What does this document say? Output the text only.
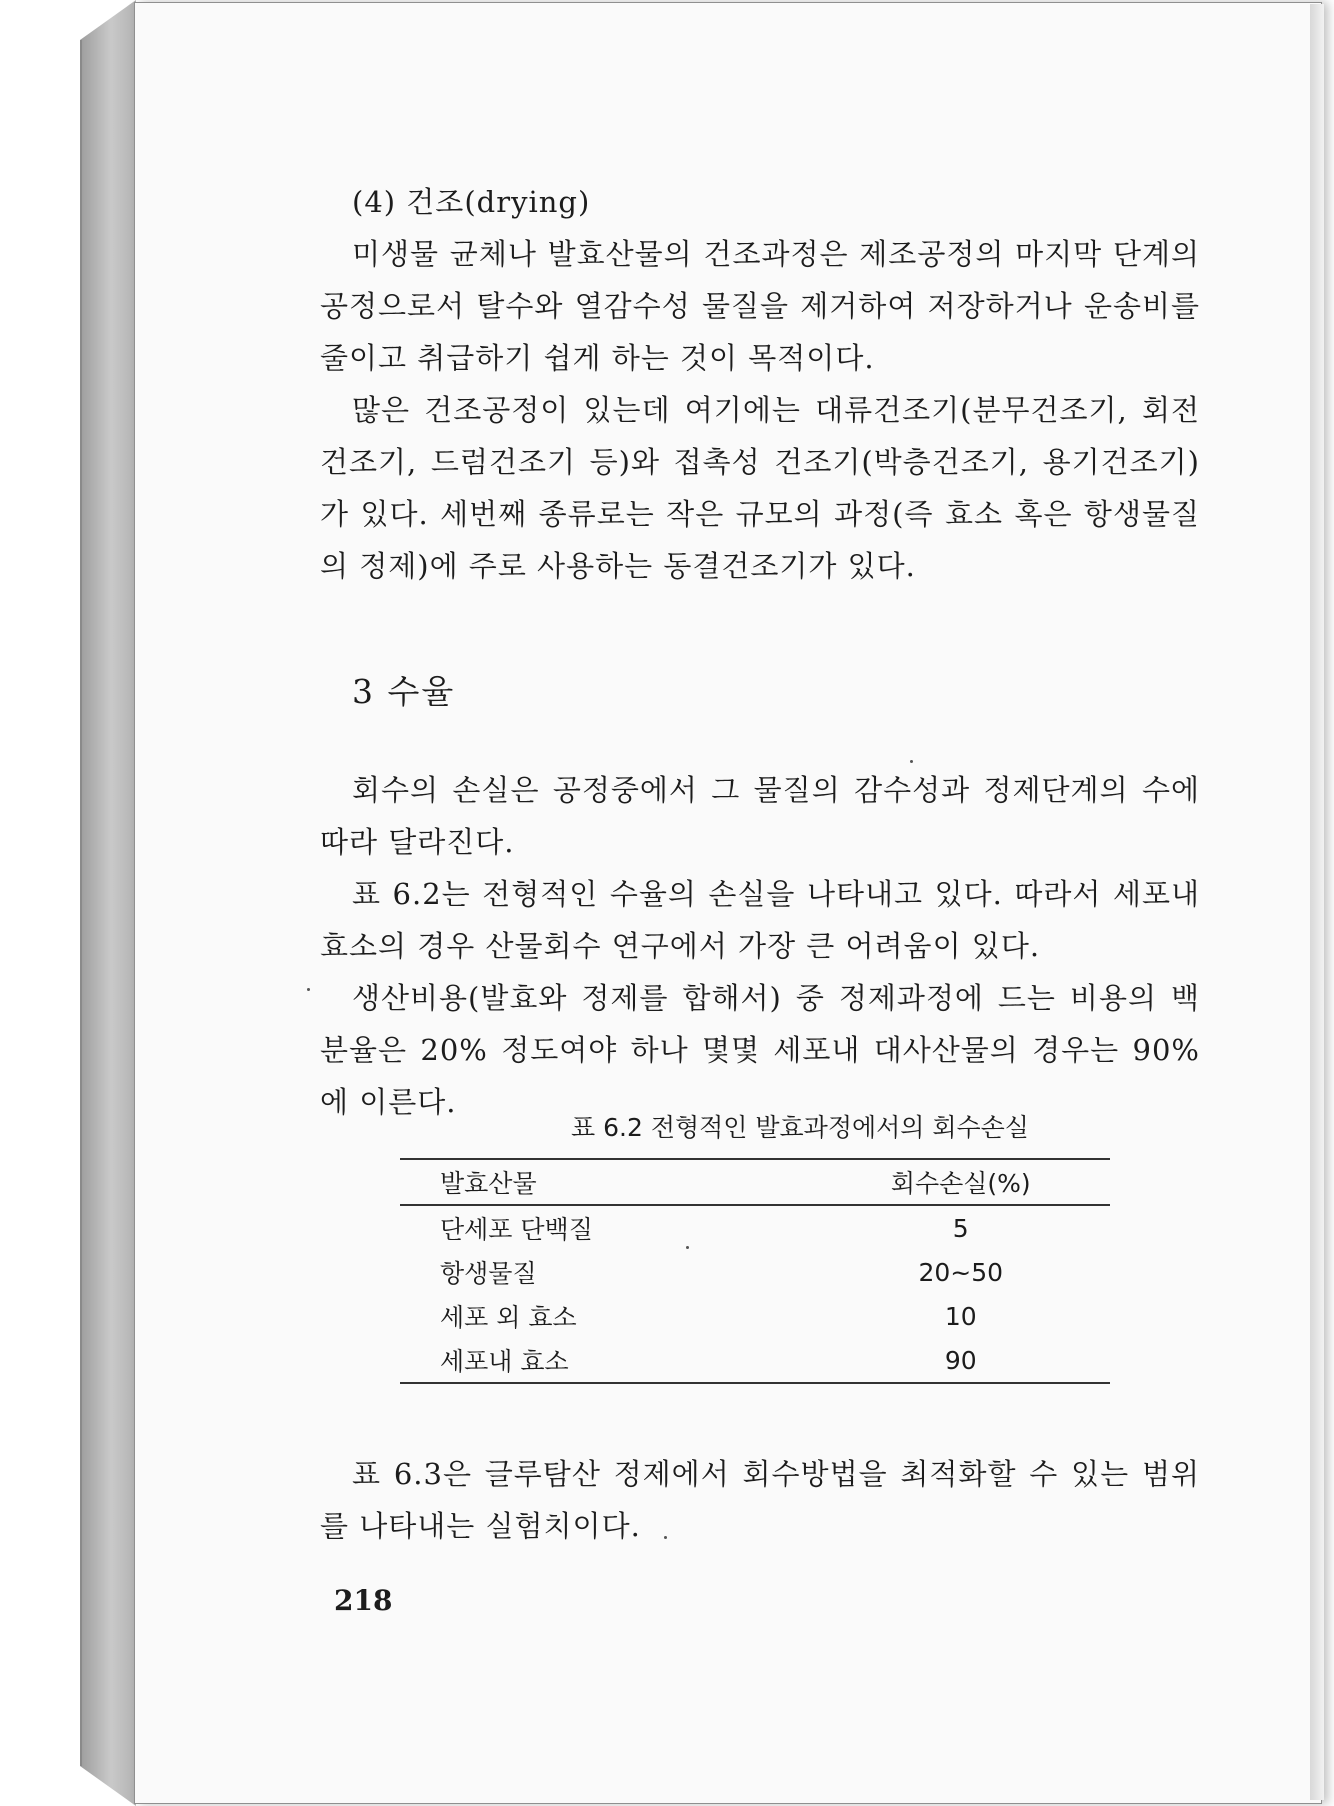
(4) 건조(drying)

미생물 균체나 발효산물의 건조과정은 제조공정의 마지막 단계의 공정으로서 탈수와 열감수성 물질을 제거하여 저장하거나 운송비를 줄이고 취급하기 쉽게 하는 것이 목적이다.

많은 건조공정이 있는데 여기에는 대류건조기(분무건조기, 회전건조기, 드럼건조기 등)와 접촉성 건조기(박층건조기, 용기건조기)가 있다. 세번째 종류로는 작은 규모의 과정(즉 효소 혹은 항생물질의 정제)에 주로 사용하는 동결건조기가 있다.

3 수율

회수의 손실은 공정중에서 그 물질의 감수성과 정제단계의 수에 따라 달라진다.

표 6.2는 전형적인 수율의 손실을 나타내고 있다. 따라서 세포내 효소의 경우 산물회수 연구에서 가장 큰 어려움이 있다.

생산비용(발효와 정제를 합해서) 중 정제과정에 드는 비용의 백분율은 20% 정도여야 하나 몇몇 세포내 대사산물의 경우는 90%에 이른다.

표 6.2 전형적인 발효과정에서의 회수손실

발효산물	회수손실(%)
단세포 단백질	5
항생물질	20~50
세포 외 효소	10
세포내 효소	90

표 6.3은 글루탐산 정제에서 회수방법을 최적화할 수 있는 범위를 나타내는 실험치이다.

218
